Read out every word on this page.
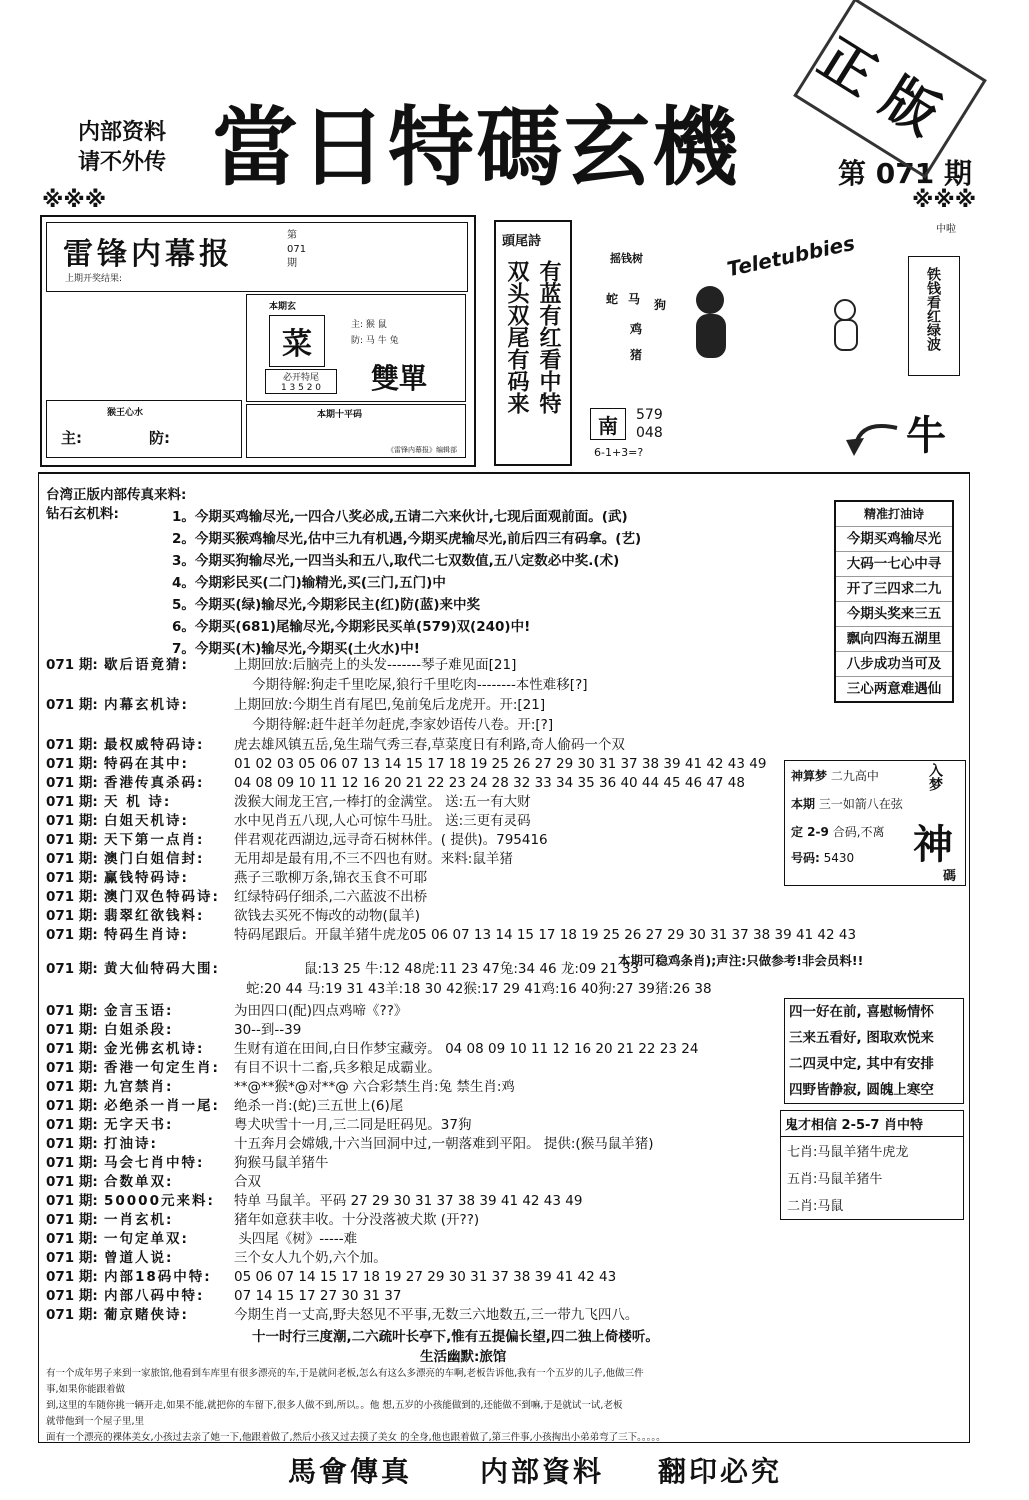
内部资料
请不外传 當日特碼玄機	第 071 期
正版
※※※	※※※
雷锋内幕报
第
071
期
上期开奖结果:
本期玄
菜
主: 猴 鼠
防: 马 牛 兔
必开特尾
1 3 5 2 0	雙單
本期十平码
《雷锋内幕报》编辑部
猴王心水
主:	防:
頭尾詩
有蓝有红看中特
双头双尾有码来
Teletubbies
摇钱树
蛇 马 狗
鸡
猪
南 579
048
6-1+3=?
铁钱看红绿波
中啦
牛
台湾正版内部传真来料:
钻石玄机料:	1。今期买鸡输尽光,一四合八奖必成,五请二六来伙计,七现后面观前面。(武)
2。今期买猴鸡输尽光,估中三九有机遇,今期买虎输尽光,前后四三有码拿。(艺)
3。今期买狗输尽光,一四当头和五八,取代二七双数值,五八定数必中奖.(术)
4。今期彩民买(二门)输精光,买(三门,五门)中
5。今期买(绿)输尽光,今期彩民主(红)防(蓝)来中奖
6。今期买(681)尾输尽光,今期彩民买单(579)双(240)中!
7。今期买(木)输尽光,今期买(土火水)中!
071 期: 歇后语竟猜:	上期回放:后脑壳上的头发-------琴子难见面[21]
今期待解:狗走千里吃屎,狼行千里吃肉--------本性难移[?]
071 期: 内幕玄机诗:	上期回放:今期生肖有尾巴,兔前兔后龙虎开。开:[21]
今期待解:赶牛赶羊勿赶虎,李家妙语传八卷。开:[?]
071 期: 最权威特码诗: 虎去雄风镇五岳,兔生瑞气秀三春,草菜度日有利路,奇人偷码一个双
071 期: 特码在其中:	01 02 03 05 06 07 13 14 15 17 18 19 25 26 27 29 30 31 37 38 39 41 42 43 49
071 期: 香港传真杀码: 04 08 09 10 11 12 16 20 21 22 23 24 28 32 33 34 35 36 40 44 45 46 47 48
071 期: 天 机 诗:	泼猴大闹龙王宫,一棒打的金满堂。 送:五一有大财
071 期: 白姐天机诗:	水中见肖五八现,人心可惊牛马肚。 送:三更有灵码
071 期: 天下第一点肖: 伴君观花西湖边,远寻奇石树林伴。( 提供)。795416
071 期: 澳门白姐信封: 无用却是最有用,不三不四也有财。来料:鼠羊猪
071 期: 赢钱特码诗:	燕子三歌柳万条,锦衣玉食不可耶
071 期: 澳门双色特码诗: 红绿特码仔细杀,二六蓝波不出桥
071 期: 翡翠红欲钱料: 欲钱去买死不悔改的动物(鼠羊)
071 期: 特码生肖诗:	特码尾跟后。开鼠羊猪牛虎龙05 06 07 13 14 15 17 18 19 25 26 27 29 30 31 37 38 39 41 42 43
071 期: 黄大仙特码大围:	鼠:13 25 牛:12 48虎:11 23 47兔:34 46 龙:09 21 33
蛇:20 44 马:19 31 43羊:18 30 42猴:17 29 41鸡:16 40狗:27 39猪:26 38
本期可稳鸡条肖);声注:只做参考!非会员料!!
071 期: 金言玉语:	为田四口(配)四点鸡啼《??》
071 期: 白姐杀段:	30--到--39
071 期: 金光佛玄机诗: 生财有道在田间,白日作梦宝藏旁。 04 08 09 10 11 12 16 20 21 22 23 24
071 期: 香港一句定生肖: 有目不识十二畜,兵多粮足成霸业。
071 期: 九宫禁肖:	**@**猴*@对**@ 六合彩禁生肖:兔 禁生肖:鸡
071 期: 必绝杀一肖一尾: 绝杀一肖:(蛇)三五世上(6)尾
071 期: 无字天书:	粤犬吠雪十一月,三二同是旺码见。37狗
071 期: 打油诗:	十五奔月会嫦娥,十六当回洞中过,一朝落难到平阳。 提供:(猴马鼠羊猪)
071 期: 马会七肖中特: 狗猴马鼠羊猪牛
071 期: 合数单双:	合双
071 期: 50000元来料: 特单 马鼠羊。平码 27 29 30 31 37 38 39 41 42 43 49
071 期: 一肖玄机:	猪年如意获丰收。十分没落被犬欺 (开??)
071 期: 一句定单双:	头四尾《树》-----难
071 期: 曾道人说:	三个女人九个奶,六个加。
071 期: 内部18码中特: 05 06 07 14 15 17 18 19 27 29 30 31 37 38 39 41 42 43
071 期: 内部八码中特: 07 14 15 17 27 30 31 37
071 期: 葡京赌侠诗:	今期生肖一丈高,野夫怒见不平事,无数三六地数五,三一带九飞四八。
十一时行三度潮,二六疏叶长亭下,惟有五提偏长望,四二独上倚楼听。
生活幽默:旅馆
有一个成年男子来到一家旅馆,他看到车库里有很多漂亮的车,于是就问老板,怎么有这么多漂亮的车啊,老板告诉他,我有一个五岁的儿子,他做三件
事,如果你能跟着做
到,这里的车随你挑一辆开走,如果不能,就把你的车留下,很多人做不到,所以。。他 想,五岁的小孩能做到的,还能做不到嘛,于是就试一试,老板
就带他到一个屋子里,里
面有一个漂亮的裸体美女,小孩过去亲了她一下,他跟着做了,然后小孩又过去摸了美女 的全身,他也跟着做了,第三件事,小孩掏出小弟弟弯了三下。。。。。
精准打油诗
今期买鸡输尽光
大码一七心中寻
开了三四求二九
今期头奖来三五
飘向四海五湖里
八步成功当可及
三心两意难遇仙
神算梦 二九高中
本期 三一如箭八在弦
定 2-9 合码,不离
号码: 5430
入梦
神
碼
四一好在前, 喜慰畅情怀
三来五看好, 图取欢悦来
二四灵中定, 其中有安排
四野皆静寂, 圆魄上寒空
鬼才相信 2-5-7 肖中特
七肖:马鼠羊猪牛虎龙
五肖:马鼠羊猪牛
二肖:马鼠
馬會傳真 内部資料 翻印必究
